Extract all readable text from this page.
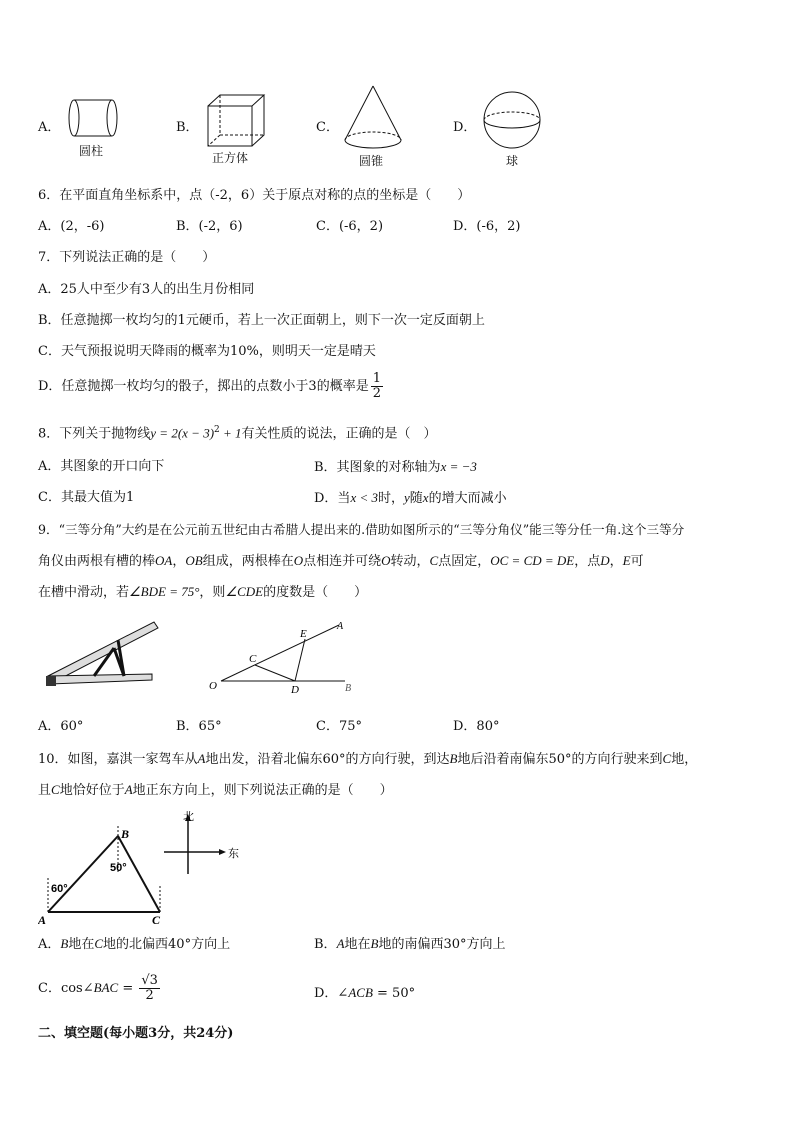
A．
圆柱
B．
正方体
C．
圆锥
D．
球
6．在平面直角坐标系中，点（-2，6）关于原点对称的点的坐标是（　　）
A．(2，-6)	B．(-2，6)	C．(-6，2)	D．(-6，2)
7．下列说法正确的是（　　）
A．25人中至少有3人的出生月份相同
B．任意抛掷一枚均匀的1元硬币，若上一次正面朝上，则下一次一定反面朝上
C．天气预报说明天降雨的概率为10%，则明天一定是晴天
D．任意抛掷一枚均匀的骰子，掷出的点数小于3的概率是 $\frac{1}{2}$
8．下列关于抛物线$y = 2(x - 3)^2 + 1$有关性质的说法，正确的是（　）
A．其图象的开口向下	B．其图象的对称轴为x = −3
C．其最大值为1	D．当x < 3时，y随x的增大而减小
9．“三等分角”大约是在公元前五世纪由古希腊人提出来的.借助如图所示的“三等分角仪”能三等分任一角.这个三等分
角仪由两根有槽的棒OA，OB组成，两根棒在O点相连并可绕O转动，C点固定，OC = CD = DE，点D，E可
在槽中滑动，若∠BDE = 75°，则∠CDE的度数是（　　）
O
C
E
A
D	B
A．60°	B．65°	C．75°	D．80°
10．如图，嘉淇一家驾车从A地出发，沿着北偏东60°的方向行驶，到达B地后沿着南偏东50°的方向行驶来到C地，
且C地恰好位于A地正东方向上，则下列说法正确的是（　　）
B
A	C
50°
60°
北
东
A．B地在C地的北偏西40°方向上	B．A地在B地的南偏西30°方向上
C．cos∠BAC = $\frac{√3}{2}$	D．∠ACB = 50°
二、填空题(每小题3分，共24分)
